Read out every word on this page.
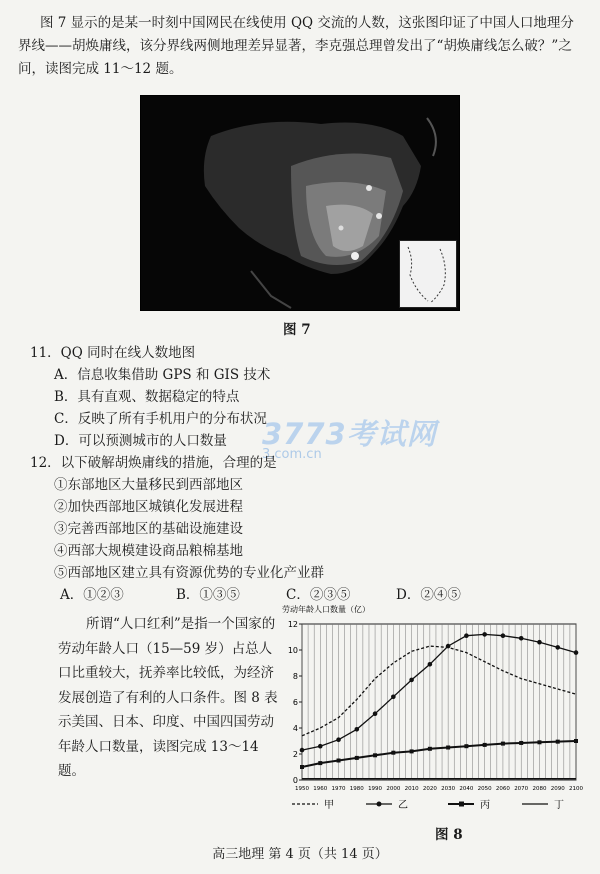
图 7 显示的是某一时刻中国网民在线使用 QQ 交流的人数，这张图印证了中国人口地理分界线——胡焕庸线，该分界线两侧地理差异显著，李克强总理曾发出了“胡焕庸线怎么破？”之问，读图完成 11～12 题。
图 7
11．QQ 同时在线人数地图
A．信息收集借助 GPS 和 GIS 技术
B．具有直观、数据稳定的特点
C．反映了所有手机用户的分布状况
D．可以预测城市的人口数量 3773考试网
3.com.cn
12．以下破解胡焕庸线的措施，合理的是
①东部地区大量移民到西部地区
②加快西部地区城镇化发展进程
③完善西部地区的基础设施建设
④西部大规模建设商品粮棉基地
⑤西部地区建立具有资源优势的专业化产业群
A．①②③	B．①③⑤	C．②③⑤	D．②④⑤
所谓“人口红利”是指一个国家的劳动年龄人口（15—59 岁）占总人口比重较大，抚养率比较低，为经济发展创造了有利的人口条件。图 8 表示美国、日本、印度、中国四国劳动年龄人口数量，读图完成 13～14 题。
劳动年龄人口数量（亿）
0
2
4
6
8
10
12
1950 1960 1970 1980 1990 2000 2010 2020 2030 2040 2050 2060 2070 2080 2090 2100
甲	乙	丙	丁
图 8
高三地理 第 4 页（共 14 页）
